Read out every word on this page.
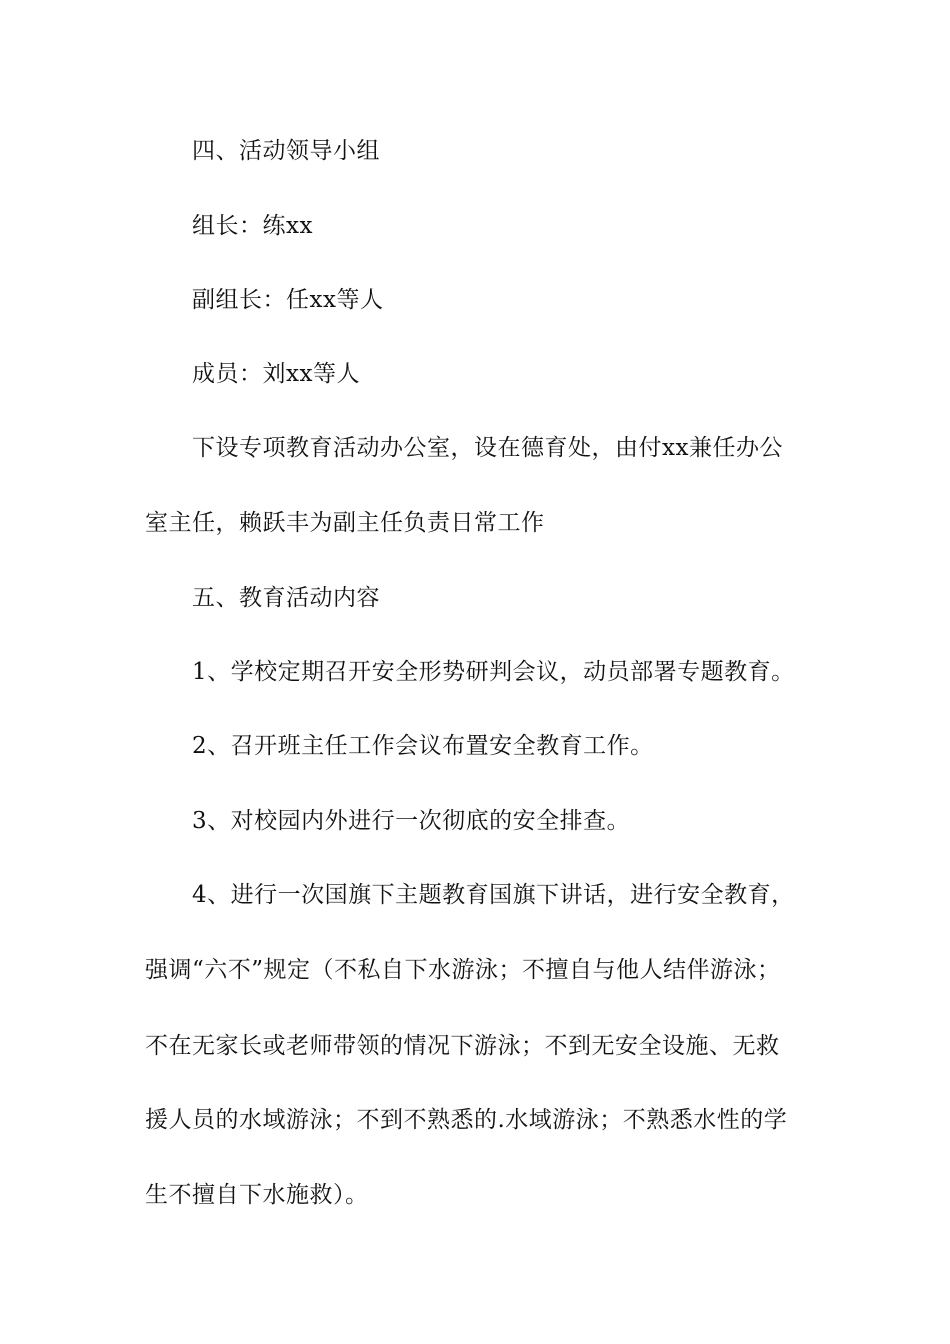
四、活动领导小组
组长：练xx
副组长：任xx等人
成员：刘xx等人
下设专项教育活动办公室，设在德育处，由付xx兼任办公
室主任，赖跃丰为副主任负责日常工作
五、教育活动内容
1、学校定期召开安全形势研判会议，动员部署专题教育。
2、召开班主任工作会议布置安全教育工作。
3、对校园内外进行一次彻底的安全排查。
4、进行一次国旗下主题教育国旗下讲话，进行安全教育，
强调“六不”规定（不私自下水游泳；不擅自与他人结伴游泳；
不在无家长或老师带领的情况下游泳；不到无安全设施、无救
援人员的水域游泳；不到不熟悉的.水域游泳；不熟悉水性的学
生不擅自下水施救）。
